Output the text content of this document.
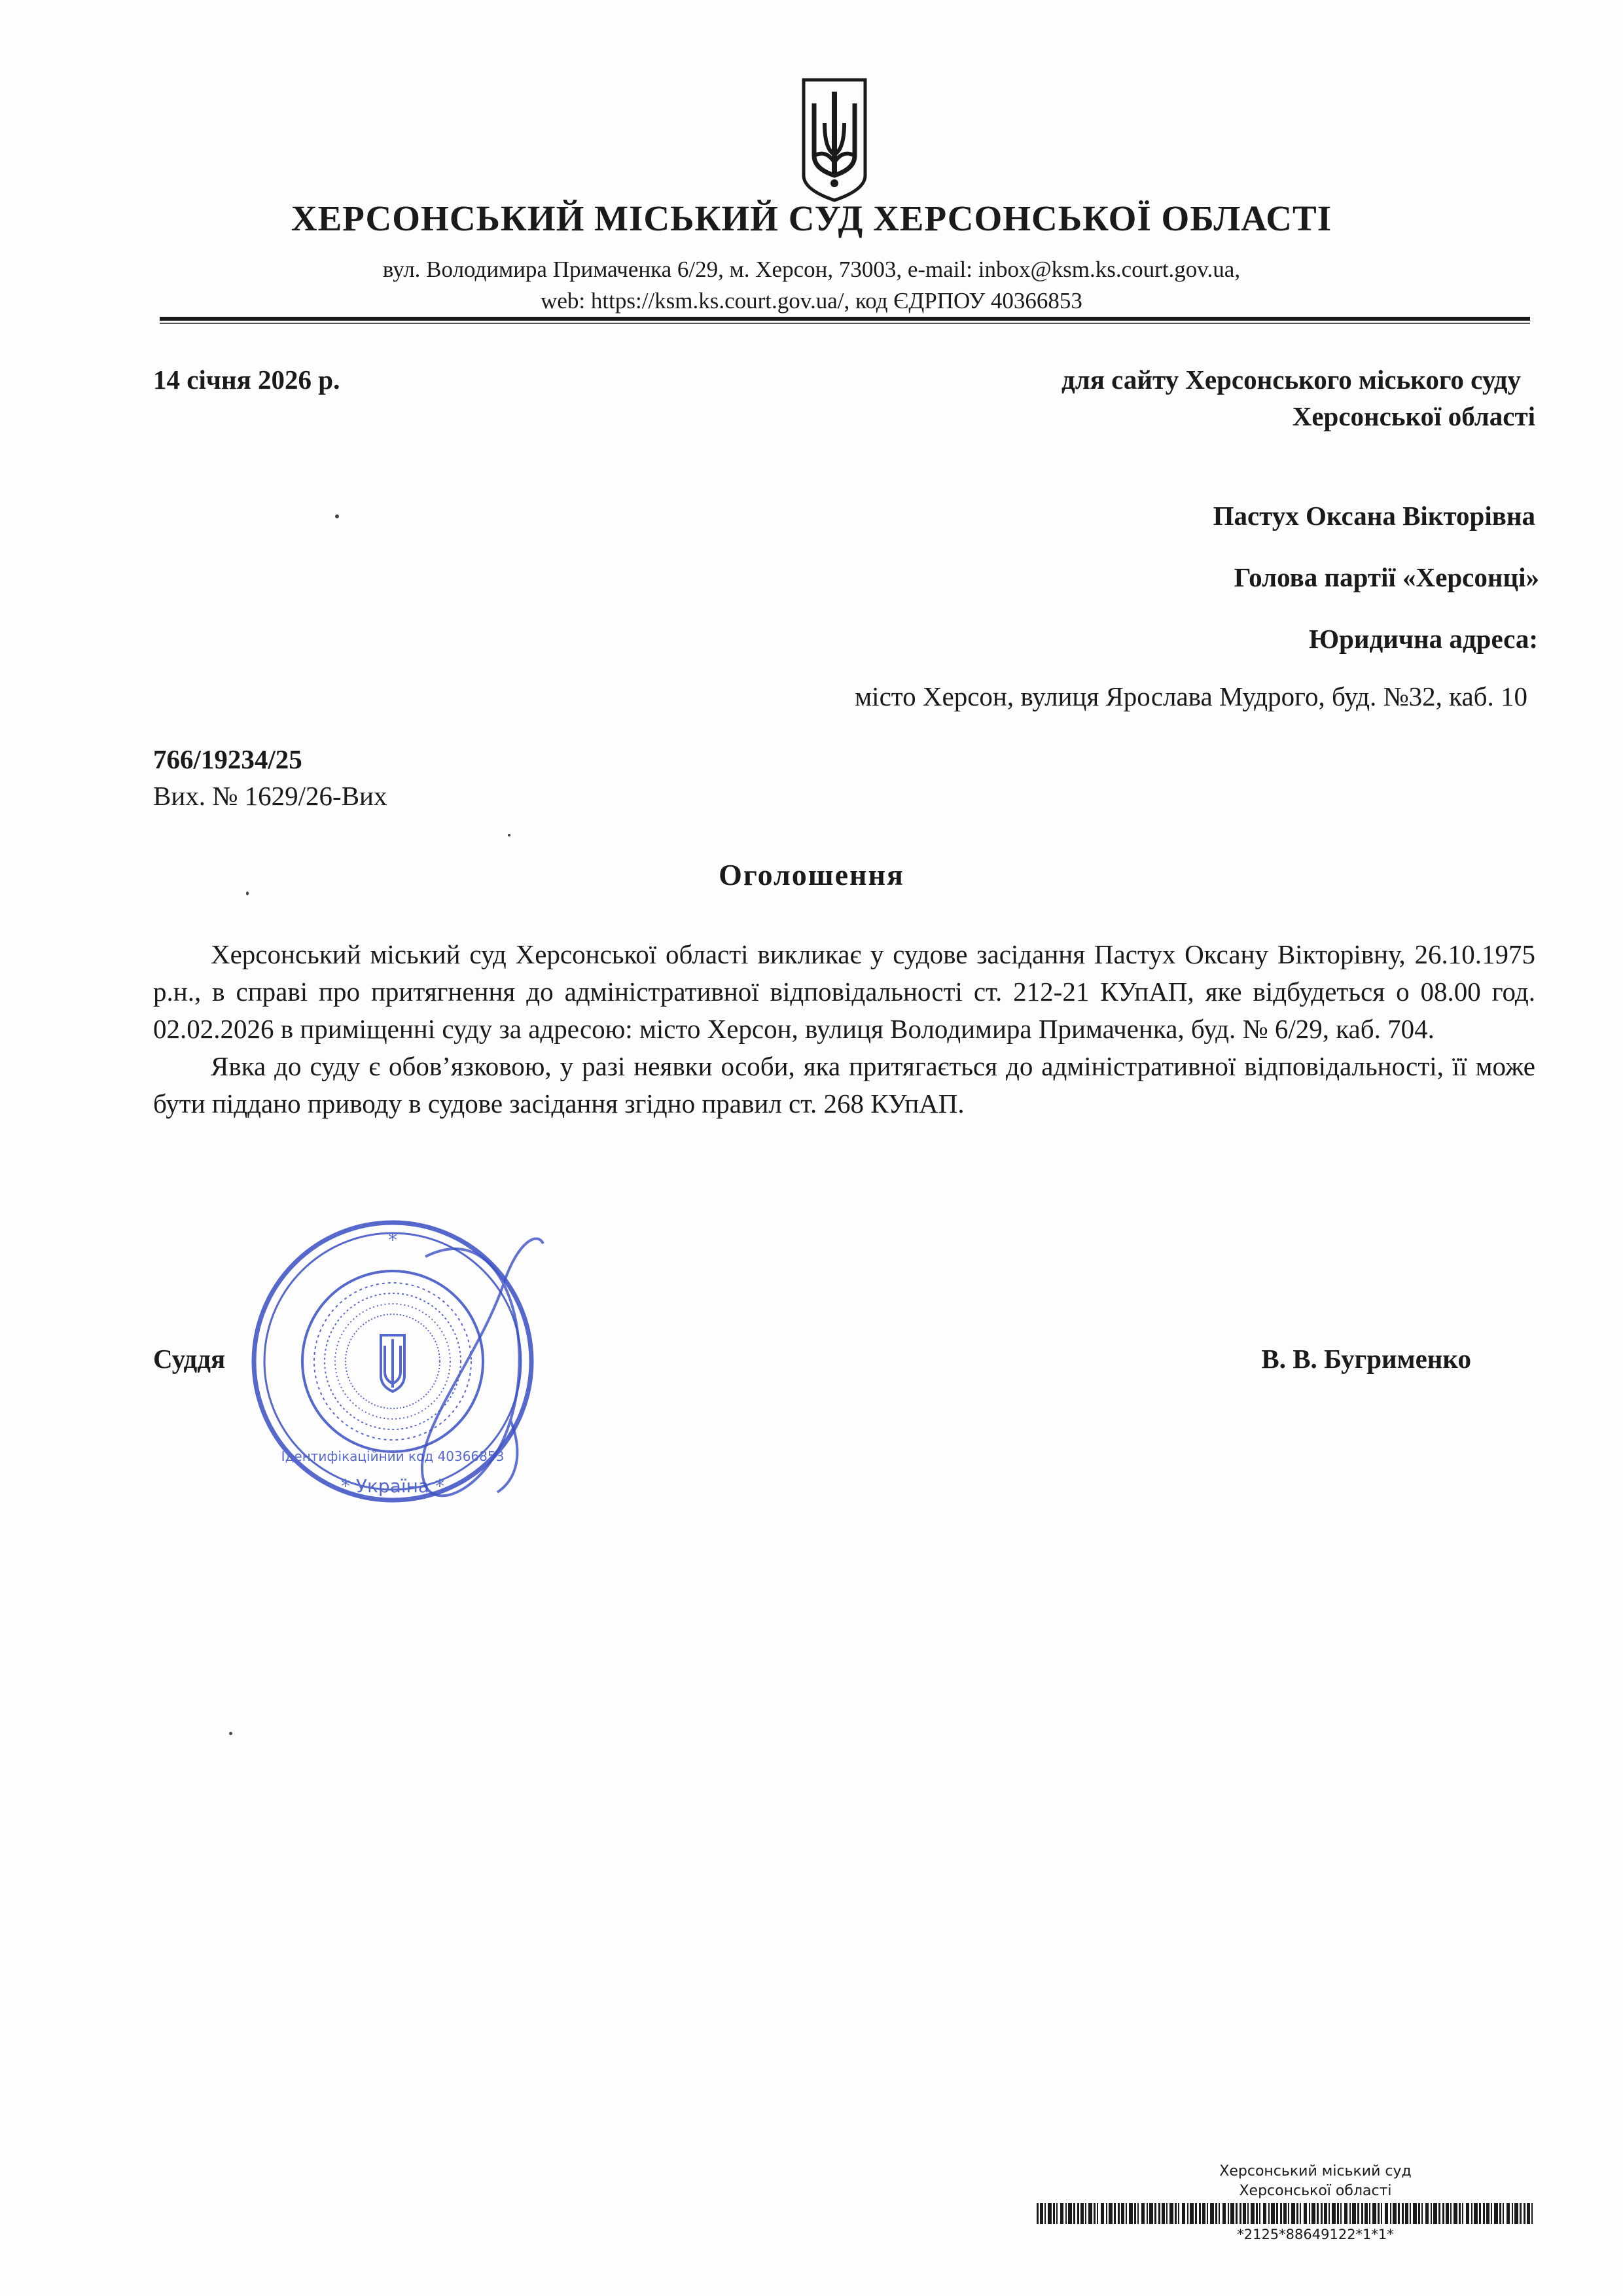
ХЕРСОНСЬКИЙ МІСЬКИЙ СУД ХЕРСОНСЬКОЇ ОБЛАСТІ
вул. Володимира Примаченка 6/29, м. Херсон, 73003, e-mail: inbox@ksm.ks.court.gov.ua,
web: https://ksm.ks.court.gov.ua/, код ЄДРПОУ 40366853
14 січня 2026 р.	для сайту Херсонського міського суду
Херсонської області
Пастух Оксана Вікторівна
Голова партії «Херсонці»
Юридична адреса:
місто Херсон, вулиця Ярослава Мудрого, буд. №32, каб. 10
766/19234/25
Вих. № 1629/26-Вих
Оголошення

Херсонський міський суд Херсонської області викликає у судове засідання Пастух Оксану Вікторівну, 26.10.1975 р.н., в справі про притягнення до адміністративної відповідальності ст. 212-21 КУпАП, яке відбудеться о 08.00 год. 02.02.2026 в приміщенні суду за адресою: місто Херсон, вулиця Володимира Примаченка, буд. № 6/29, каб. 704.

Явка до суду є обов’язковою, у разі неявки особи, яка притягається до адміністративної відповідальності, її може бути піддано приводу в судове засідання згідно правил ст. 268 КУпАП.

Суддя	В. В. Бугрименко
*
* Україна *
Ідентифікаційний код 40366853
Херсонський міський суд
Херсонської області
*2125*88649122*1*1*
